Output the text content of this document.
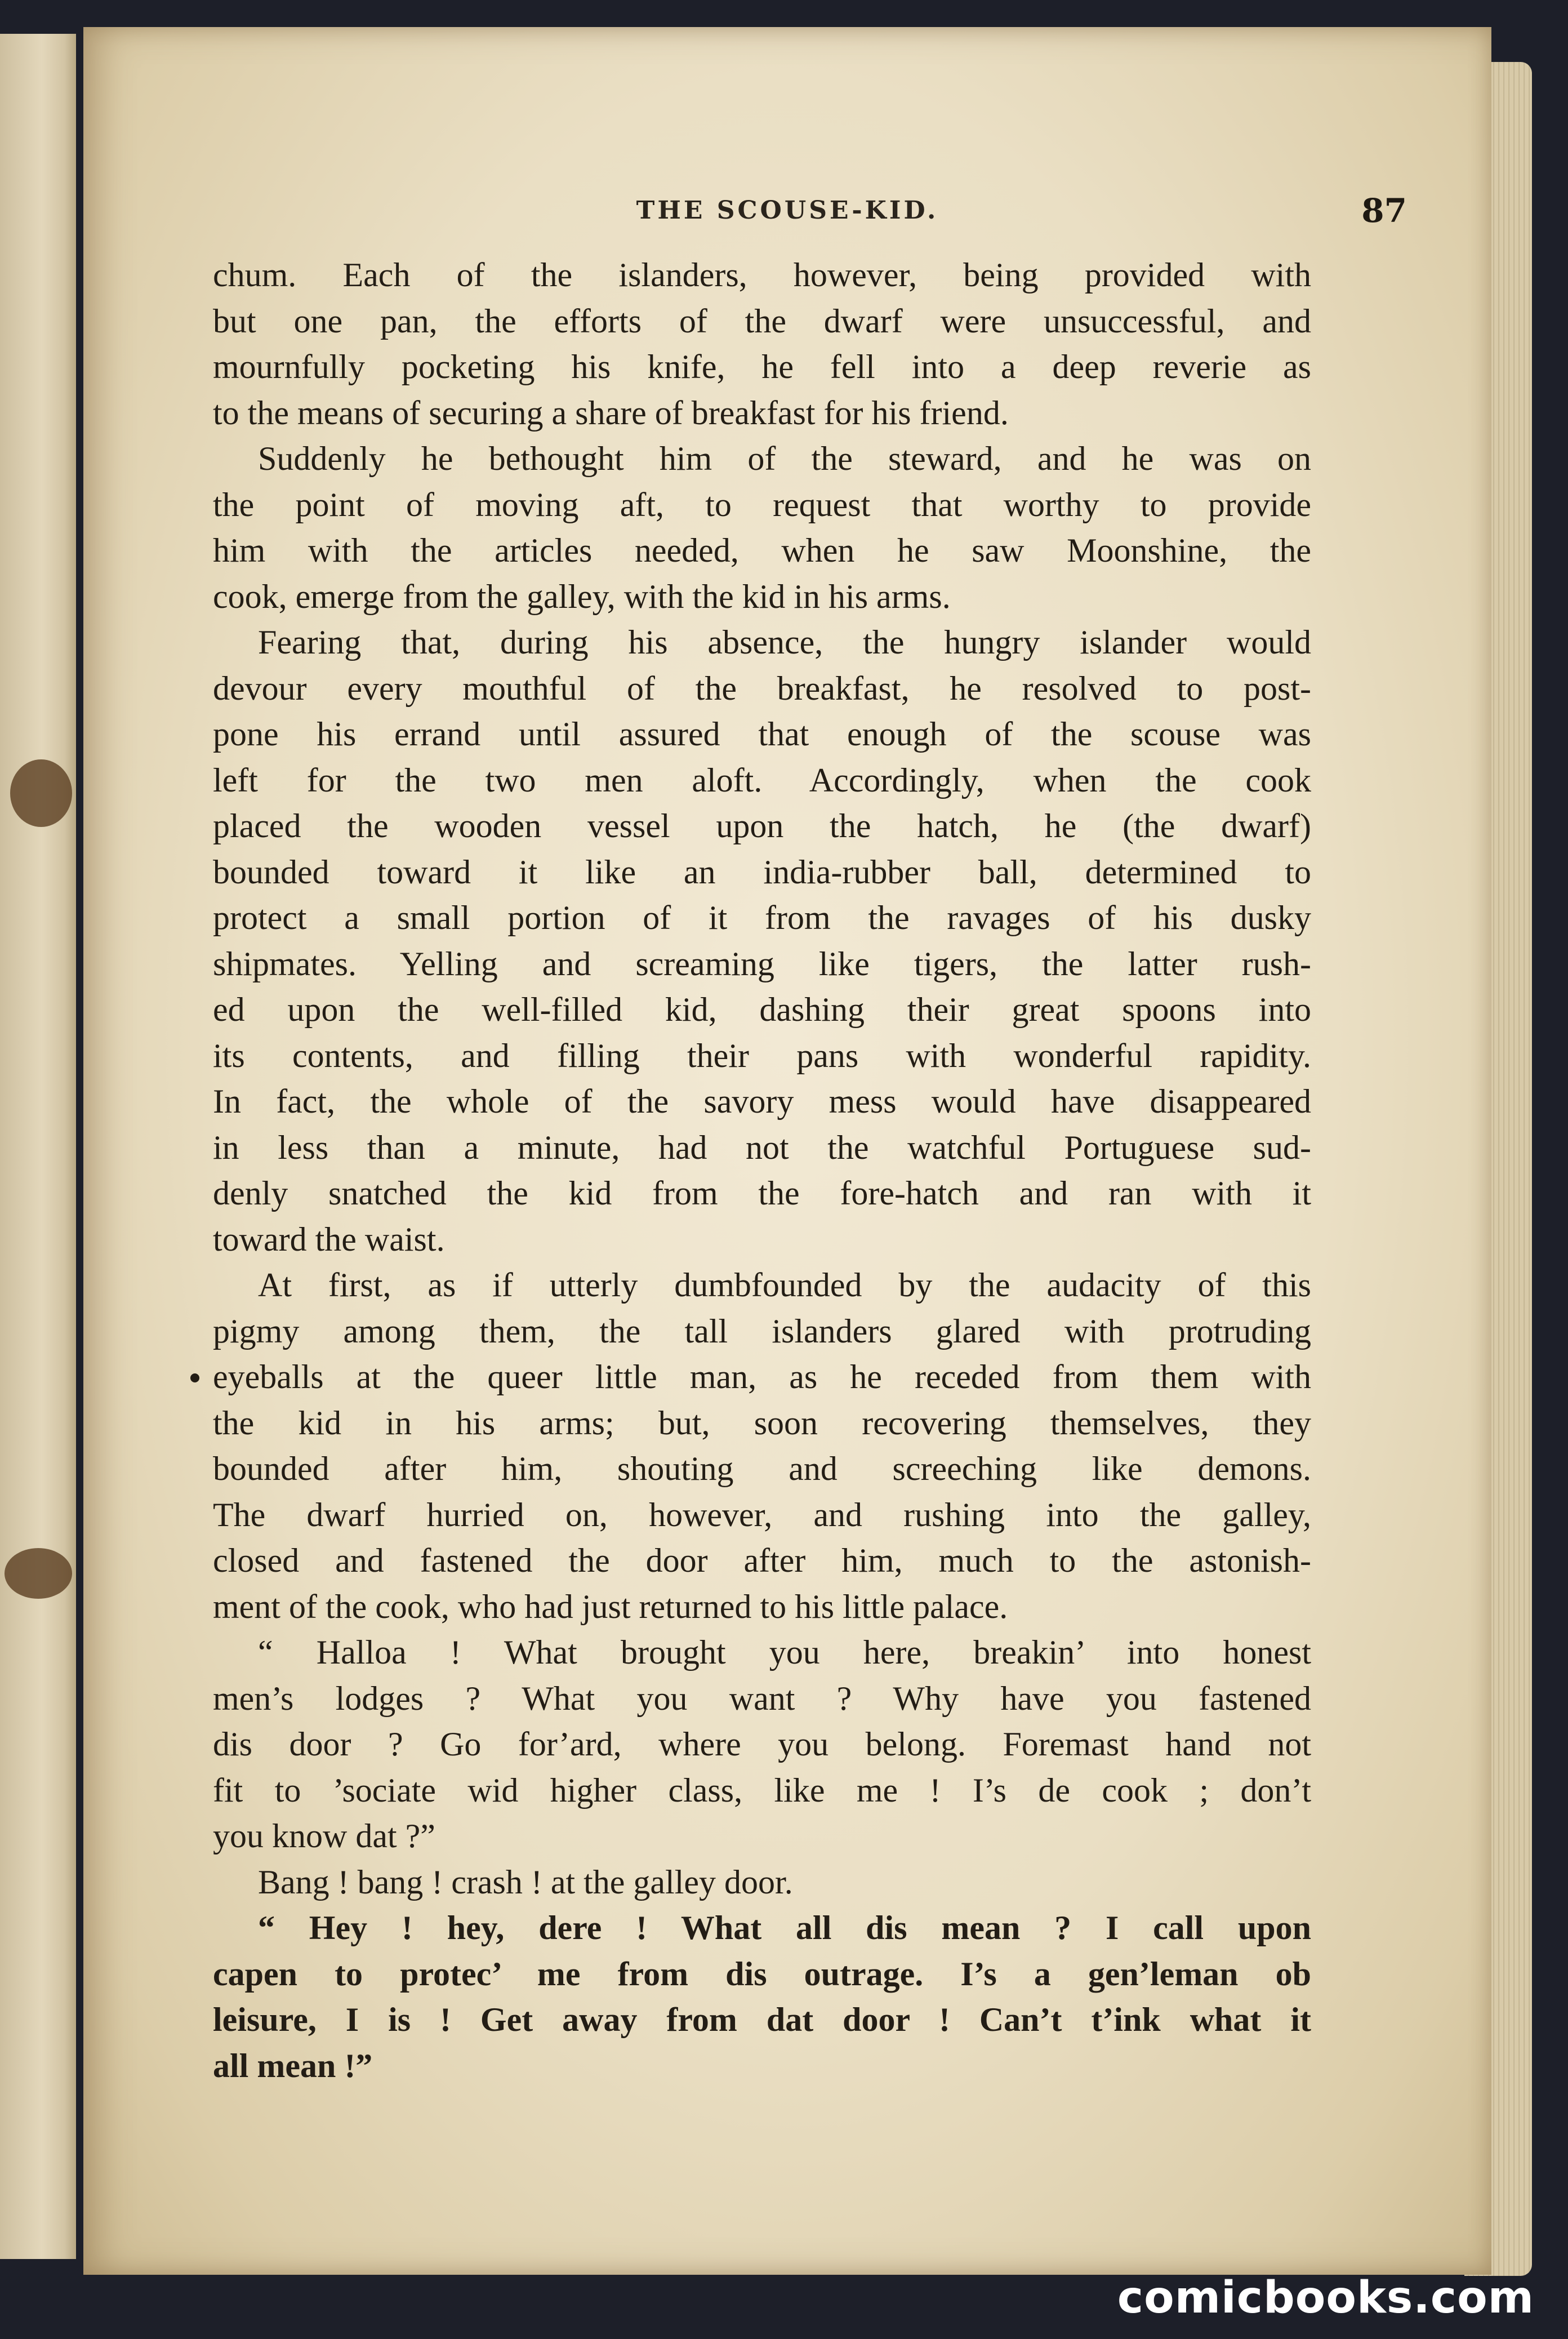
THE SCOUSE-KID.	87
chum. Each of the islanders, however, being provided with
but one pan, the efforts of the dwarf were unsuccessful, and
mournfully pocketing his knife, he fell into a deep reverie as
to the means of securing a share of breakfast for his friend.
Suddenly he bethought him of the steward, and he was on
the point of moving aft, to request that worthy to provide
him with the articles needed, when he saw Moonshine, the
cook, emerge from the galley, with the kid in his arms.
Fearing that, during his absence, the hungry islander would
devour every mouthful of the breakfast, he resolved to post-
pone his errand until assured that enough of the scouse was
left for the two men aloft. Accordingly, when the cook
placed the wooden vessel upon the hatch, he (the dwarf)
bounded toward it like an india-rubber ball, determined to
protect a small portion of it from the ravages of his dusky
shipmates. Yelling and screaming like tigers, the latter rush-
ed upon the well-filled kid, dashing their great spoons into
its contents, and filling their pans with wonderful rapidity.
In fact, the whole of the savory mess would have disappeared
in less than a minute, had not the watchful Portuguese sud-
denly snatched the kid from the fore-hatch and ran with it
toward the waist.
At first, as if utterly dumbfounded by the audacity of this
pigmy among them, the tall islanders glared with protruding
eyeballs at the queer little man, as he receded from them with
the kid in his arms; but, soon recovering themselves, they
bounded after him, shouting and screeching like demons.
The dwarf hurried on, however, and rushing into the galley,
closed and fastened the door after him, much to the astonish-
ment of the cook, who had just returned to his little palace.
“ Halloa ! What brought you here, breakin’ into honest
men’s lodges ? What you want ? Why have you fastened
dis door ? Go for’ard, where you belong. Foremast hand not
fit to ’sociate wid higher class, like me ! I’s de cook ; don’t
you know dat ?”
Bang ! bang ! crash ! at the galley door.
“ Hey ! hey, dere ! What all dis mean ? I call upon
capen to protec’ me from dis outrage. I’s a gen’leman ob
leisure, I is ! Get away from dat door ! Can’t t’ink what it
all mean !”
comicbooks.com
